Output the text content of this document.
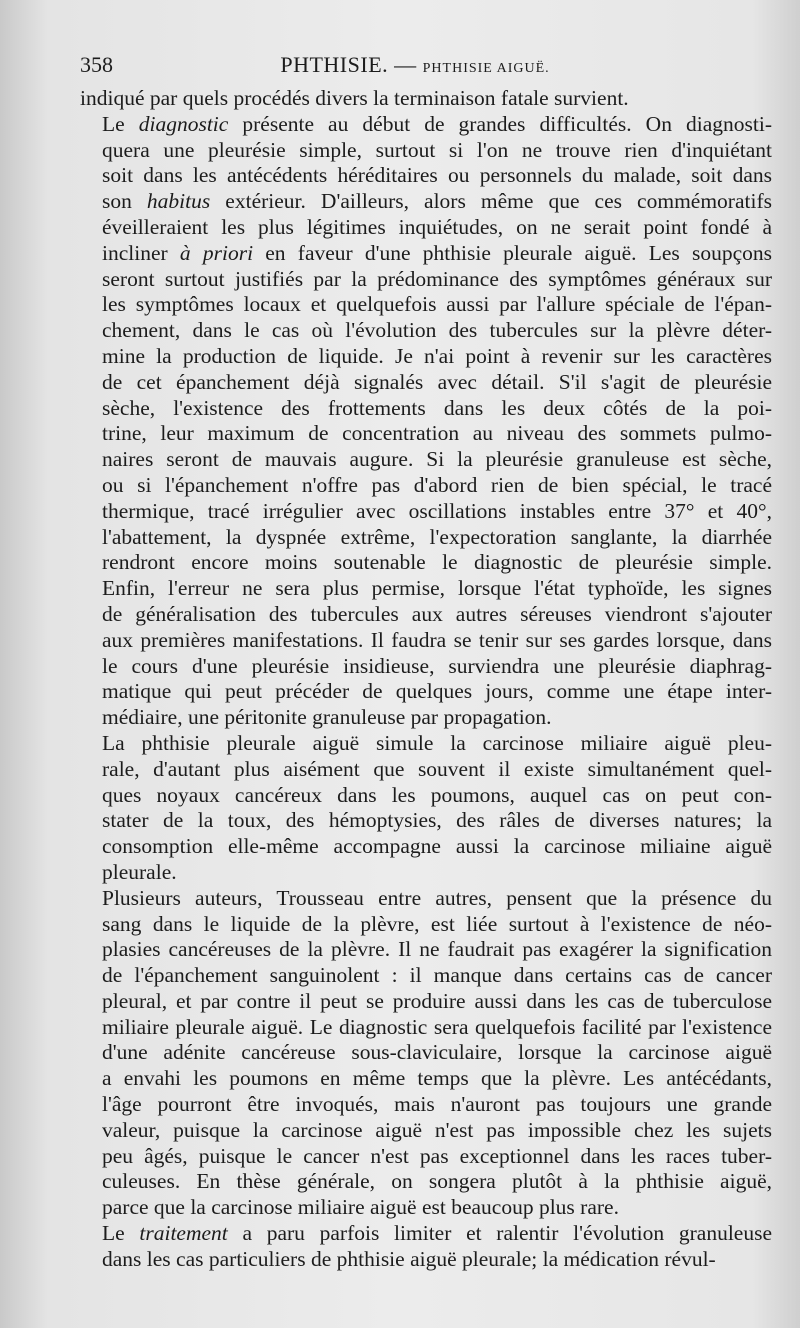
358	PHTHISIE. — PHTHISIE AIGUË.

indiqué par quels procédés divers la terminaison fatale survient.

Le diagnostic présente au début de grandes difficultés. On diagnosti-
quera une pleurésie simple, surtout si l'on ne trouve rien d'inquiétant
soit dans les antécédents héréditaires ou personnels du malade, soit dans
son habitus extérieur. D'ailleurs, alors même que ces commémoratifs
éveilleraient les plus légitimes inquiétudes, on ne serait point fondé à
incliner à priori en faveur d'une phthisie pleurale aiguë. Les soupçons
seront surtout justifiés par la prédominance des symptômes généraux sur
les symptômes locaux et quelquefois aussi par l'allure spéciale de l'épan-
chement, dans le cas où l'évolution des tubercules sur la plèvre déter-
mine la production de liquide. Je n'ai point à revenir sur les caractères
de cet épanchement déjà signalés avec détail. S'il s'agit de pleurésie
sèche, l'existence des frottements dans les deux côtés de la poi-
trine, leur maximum de concentration au niveau des sommets pulmo-
naires seront de mauvais augure. Si la pleurésie granuleuse est sèche,
ou si l'épanchement n'offre pas d'abord rien de bien spécial, le tracé
thermique, tracé irrégulier avec oscillations instables entre 37° et 40°,
l'abattement, la dyspnée extrême, l'expectoration sanglante, la diarrhée
rendront encore moins soutenable le diagnostic de pleurésie simple.
Enfin, l'erreur ne sera plus permise, lorsque l'état typhoïde, les signes
de généralisation des tubercules aux autres séreuses viendront s'ajouter
aux premières manifestations. Il faudra se tenir sur ses gardes lorsque, dans
le cours d'une pleurésie insidieuse, surviendra une pleurésie diaphrag-
matique qui peut précéder de quelques jours, comme une étape inter-
médiaire, une péritonite granuleuse par propagation.

La phthisie pleurale aiguë simule la carcinose miliaire aiguë pleu-
rale, d'autant plus aisément que souvent il existe simultanément quel-
ques noyaux cancéreux dans les poumons, auquel cas on peut con-
stater de la toux, des hémoptysies, des râles de diverses natures; la
consomption elle-même accompagne aussi la carcinose miliaine aiguë
pleurale.

Plusieurs auteurs, Trousseau entre autres, pensent que la présence du
sang dans le liquide de la plèvre, est liée surtout à l'existence de néo-
plasies cancéreuses de la plèvre. Il ne faudrait pas exagérer la signification
de l'épanchement sanguinolent : il manque dans certains cas de cancer
pleural, et par contre il peut se produire aussi dans les cas de tuberculose
miliaire pleurale aiguë. Le diagnostic sera quelquefois facilité par l'existence
d'une adénite cancéreuse sous-claviculaire, lorsque la carcinose aiguë
a envahi les poumons en même temps que la plèvre. Les antécédants,
l'âge pourront être invoqués, mais n'auront pas toujours une grande
valeur, puisque la carcinose aiguë n'est pas impossible chez les sujets
peu âgés, puisque le cancer n'est pas exceptionnel dans les races tuber-
culeuses. En thèse générale, on songera plutôt à la phthisie aiguë,
parce que la carcinose miliaire aiguë est beaucoup plus rare.

Le traitement a paru parfois limiter et ralentir l'évolution granuleuse
dans les cas particuliers de phthisie aiguë pleurale; la médication révul-
